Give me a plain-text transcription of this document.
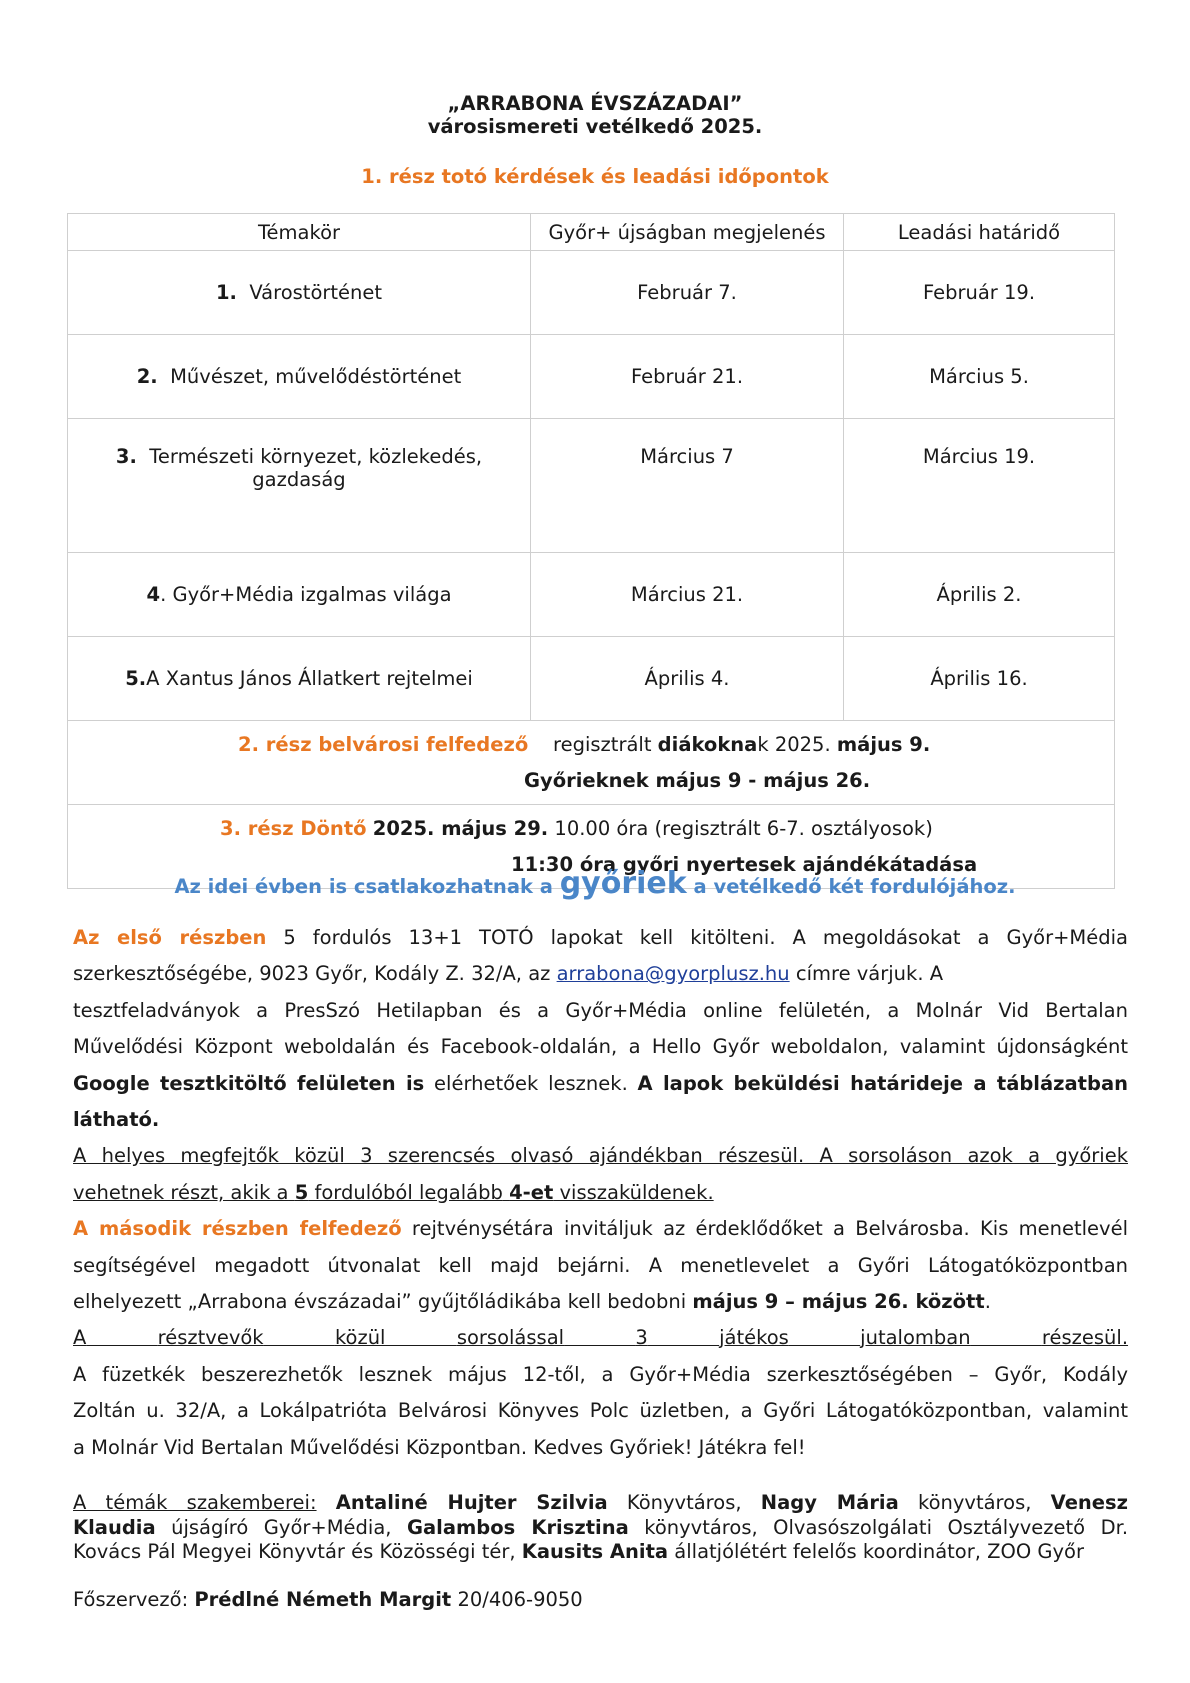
„ARRABONA ÉVSZÁZADAI”
városismereti vetélkedő 2025.
1. rész totó kérdések és leadási időpontok
Témakör	Győr+ újságban megjelenés	Leadási határidő
1. Várostörténet	Február 7.	Február 19.
2. Művészet, művelődéstörténet	Február 21.	Március 5.
3. Természeti környezet, közlekedés,
gazdaság	Március 7	Március 19.
4. Győr+Média izgalmas világa	Március 21.	Április 2.
5.A Xantus János Állatkert rejtelmei	Április 4.	Április 16.

2. rész belvárosi felfedező regisztrált diákoknak 2025. május 9.
Győrieknek május 9 - május 26.		

3. rész Döntő 2025. május 29. 10.00 óra (regisztrált 6-7. osztályosok)
11:30 óra győri nyertesek ajándékátadása		
Az idei évben is csatlakozhatnak a győriek a vetélkedő két fordulójához.
Az első részben 5 fordulós 13+1 TOTÓ lapokat kell kitölteni. A megoldásokat a Győr+Média
szerkesztőségébe, 9023 Győr, Kodály Z. 32/A, az arrabona@gyorplusz.hu címre várjuk. A
tesztfeladványok a PresSzó Hetilapban és a Győr+Média online felületén, a Molnár Vid Bertalan
Művelődési Központ weboldalán és Facebook-oldalán, a Hello Győr weboldalon, valamint újdonságként
Google tesztkitöltő felületen is elérhetőek lesznek. A lapok beküldési határideje a táblázatban
látható.
A helyes megfejtők közül 3 szerencsés olvasó ajándékban részesül. A sorsoláson azok a győriek
vehetnek részt, akik a 5 fordulóból legalább 4-et visszaküldenek.
A második részben felfedező rejtvénysétára invitáljuk az érdeklődőket a Belvárosba. Kis menetlevél
segítségével megadott útvonalat kell majd bejárni. A menetlevelet a Győri Látogatóközpontban
elhelyezett „Arrabona évszázadai” gyűjtőládikába kell bedobni május 9 – május 26. között.
A	résztvevők	közül	sorsolással	3	játékos	jutalomban	részesül.
A füzetkék beszerezhetők lesznek május 12-től, a Győr+Média szerkesztőségében – Győr, Kodály
Zoltán u. 32/A, a Lokálpatrióta Belvárosi Könyves Polc üzletben, a Győri Látogatóközpontban, valamint
a Molnár Vid Bertalan Művelődési Központban. Kedves Győriek! Játékra fel!
A témák szakemberei: Antaliné Hujter Szilvia Könyvtáros, Nagy Mária könyvtáros, Venesz
Klaudia újságíró Győr+Média, Galambos Krisztina könyvtáros, Olvasószolgálati Osztályvezető Dr. Kovács Pál Megyei Könyvtár és Közösségi tér, Kausits Anita állatjólétért felelős koordinátor, ZOO Győr
Főszervező: Prédlné Németh Margit 20/406-9050
